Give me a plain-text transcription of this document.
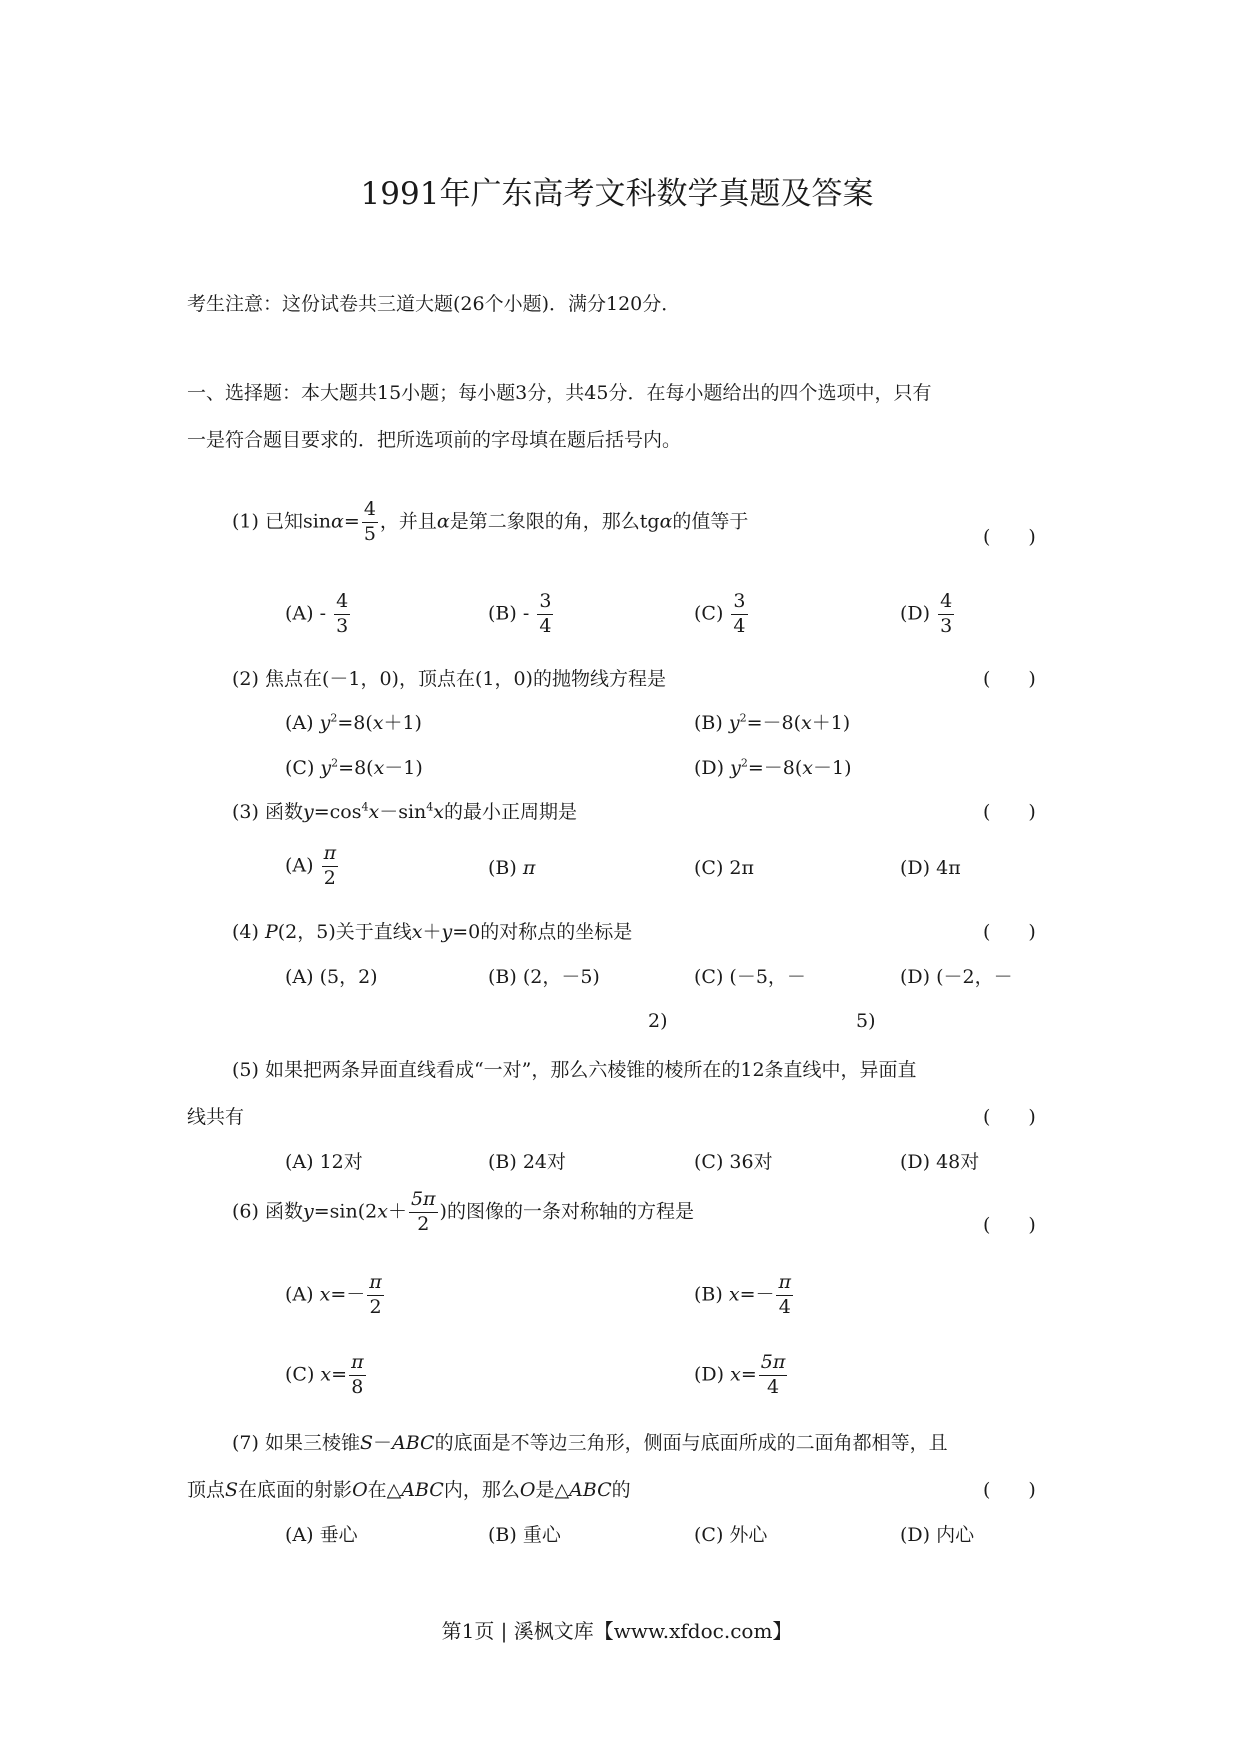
1991年广东高考文科数学真题及答案
考生注意：这份试卷共三道大题(26个小题)．满分120分．
一、选择题：本大题共15小题；每小题3分，共45分．在每小题给出的四个选项中，只有
一是符合题目要求的．把所选项前的字母填在题后括号内。
(1) 已知$\sin\alpha= \frac{4}{5}$ ，并且α是第二象限的角，那么tgα的值等于
(　　)
$(A) - \frac{4}{3}$	$(B) - \frac{3}{4}$	$(C) \frac{3}{4}$	$(D) \frac{4}{3}$
(2) 焦点在(－1，0)，顶点在(1，0)的抛物线方程是	(　　)
(A) $y^2=8(x+1)$	(B) $y^2=-8(x+1)$
(C) $y^2=8(x-1)$	(D) $y^2=-8(x-1)$
(3) 函数$y=\cos^4x-\sin^4x$的最小正周期是	(　　)
$(A) \frac{\pi}{2}$	(B) π	(C) 2π	(D) 4π
(4) P(2，5)关于直线x＋y=0的对称点的坐标是	(　　)
(A) (5，2)	(B) (2，－5)	(C) (－5，－	(D) (－2，－
2)	5)
(5) 如果把两条异面直线看成“一对”，那么六棱锥的棱所在的12条直线中，异面直
线共有	(　　)
(A) 12对	(B) 24对	(C) 36对	(D) 48对
(6) 函数$y=\sin(2x+ \frac{5\pi}{2}$ )的图像的一条对称轴的方程是
(　　)
(A) $x=- \frac{\pi}{2}$	(B) $x=- \frac{\pi}{4}$
(C) $x= \frac{\pi}{8}$	(D) $x= \frac{5\pi}{4}$
(7) 如果三棱锥S－ABC的底面是不等边三角形，侧面与底面所成的二面角都相等，且
顶点S在底面的射影O在△ABC内，那么O是△ABC的	(　　)
(A) 垂心	(B) 重心	(C) 外心	(D) 内心
第1页 | 溪枫文库【www.xfdoc.com】
